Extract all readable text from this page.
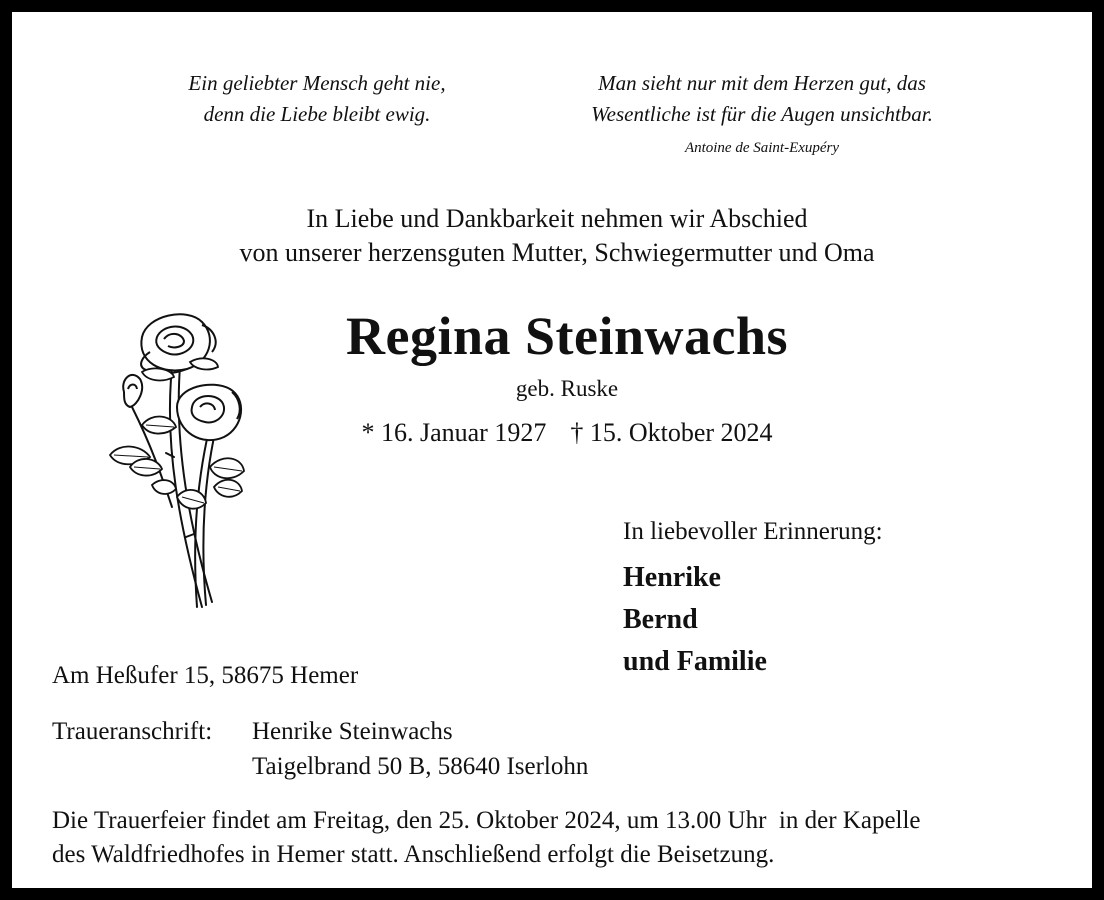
Ein geliebter Mensch geht nie,
denn die Liebe bleibt ewig.
Man sieht nur mit dem Herzen gut, das
Wesentliche ist für die Augen unsichtbar.
Antoine de Saint-Exupéry
In Liebe und Dankbarkeit nehmen wir Abschied
von unserer herzensguten Mutter, Schwiegermutter und Oma
Regina Steinwachs
geb. Ruske
* 16. Januar 1927 † 15. Oktober 2024
In liebevoller Erinnerung:
Henrike
Bernd
und Familie
Am Heßufer 15, 58675 Hemer
Traueranschrift: Henrike Steinwachs
Taigelbrand 50 B, 58640 Iserlohn
Die Trauerfeier findet am Freitag, den 25. Oktober 2024, um 13.00 Uhr  in der Kapelle
des Waldfriedhofes in Hemer statt. Anschließend erfolgt die Beisetzung.
